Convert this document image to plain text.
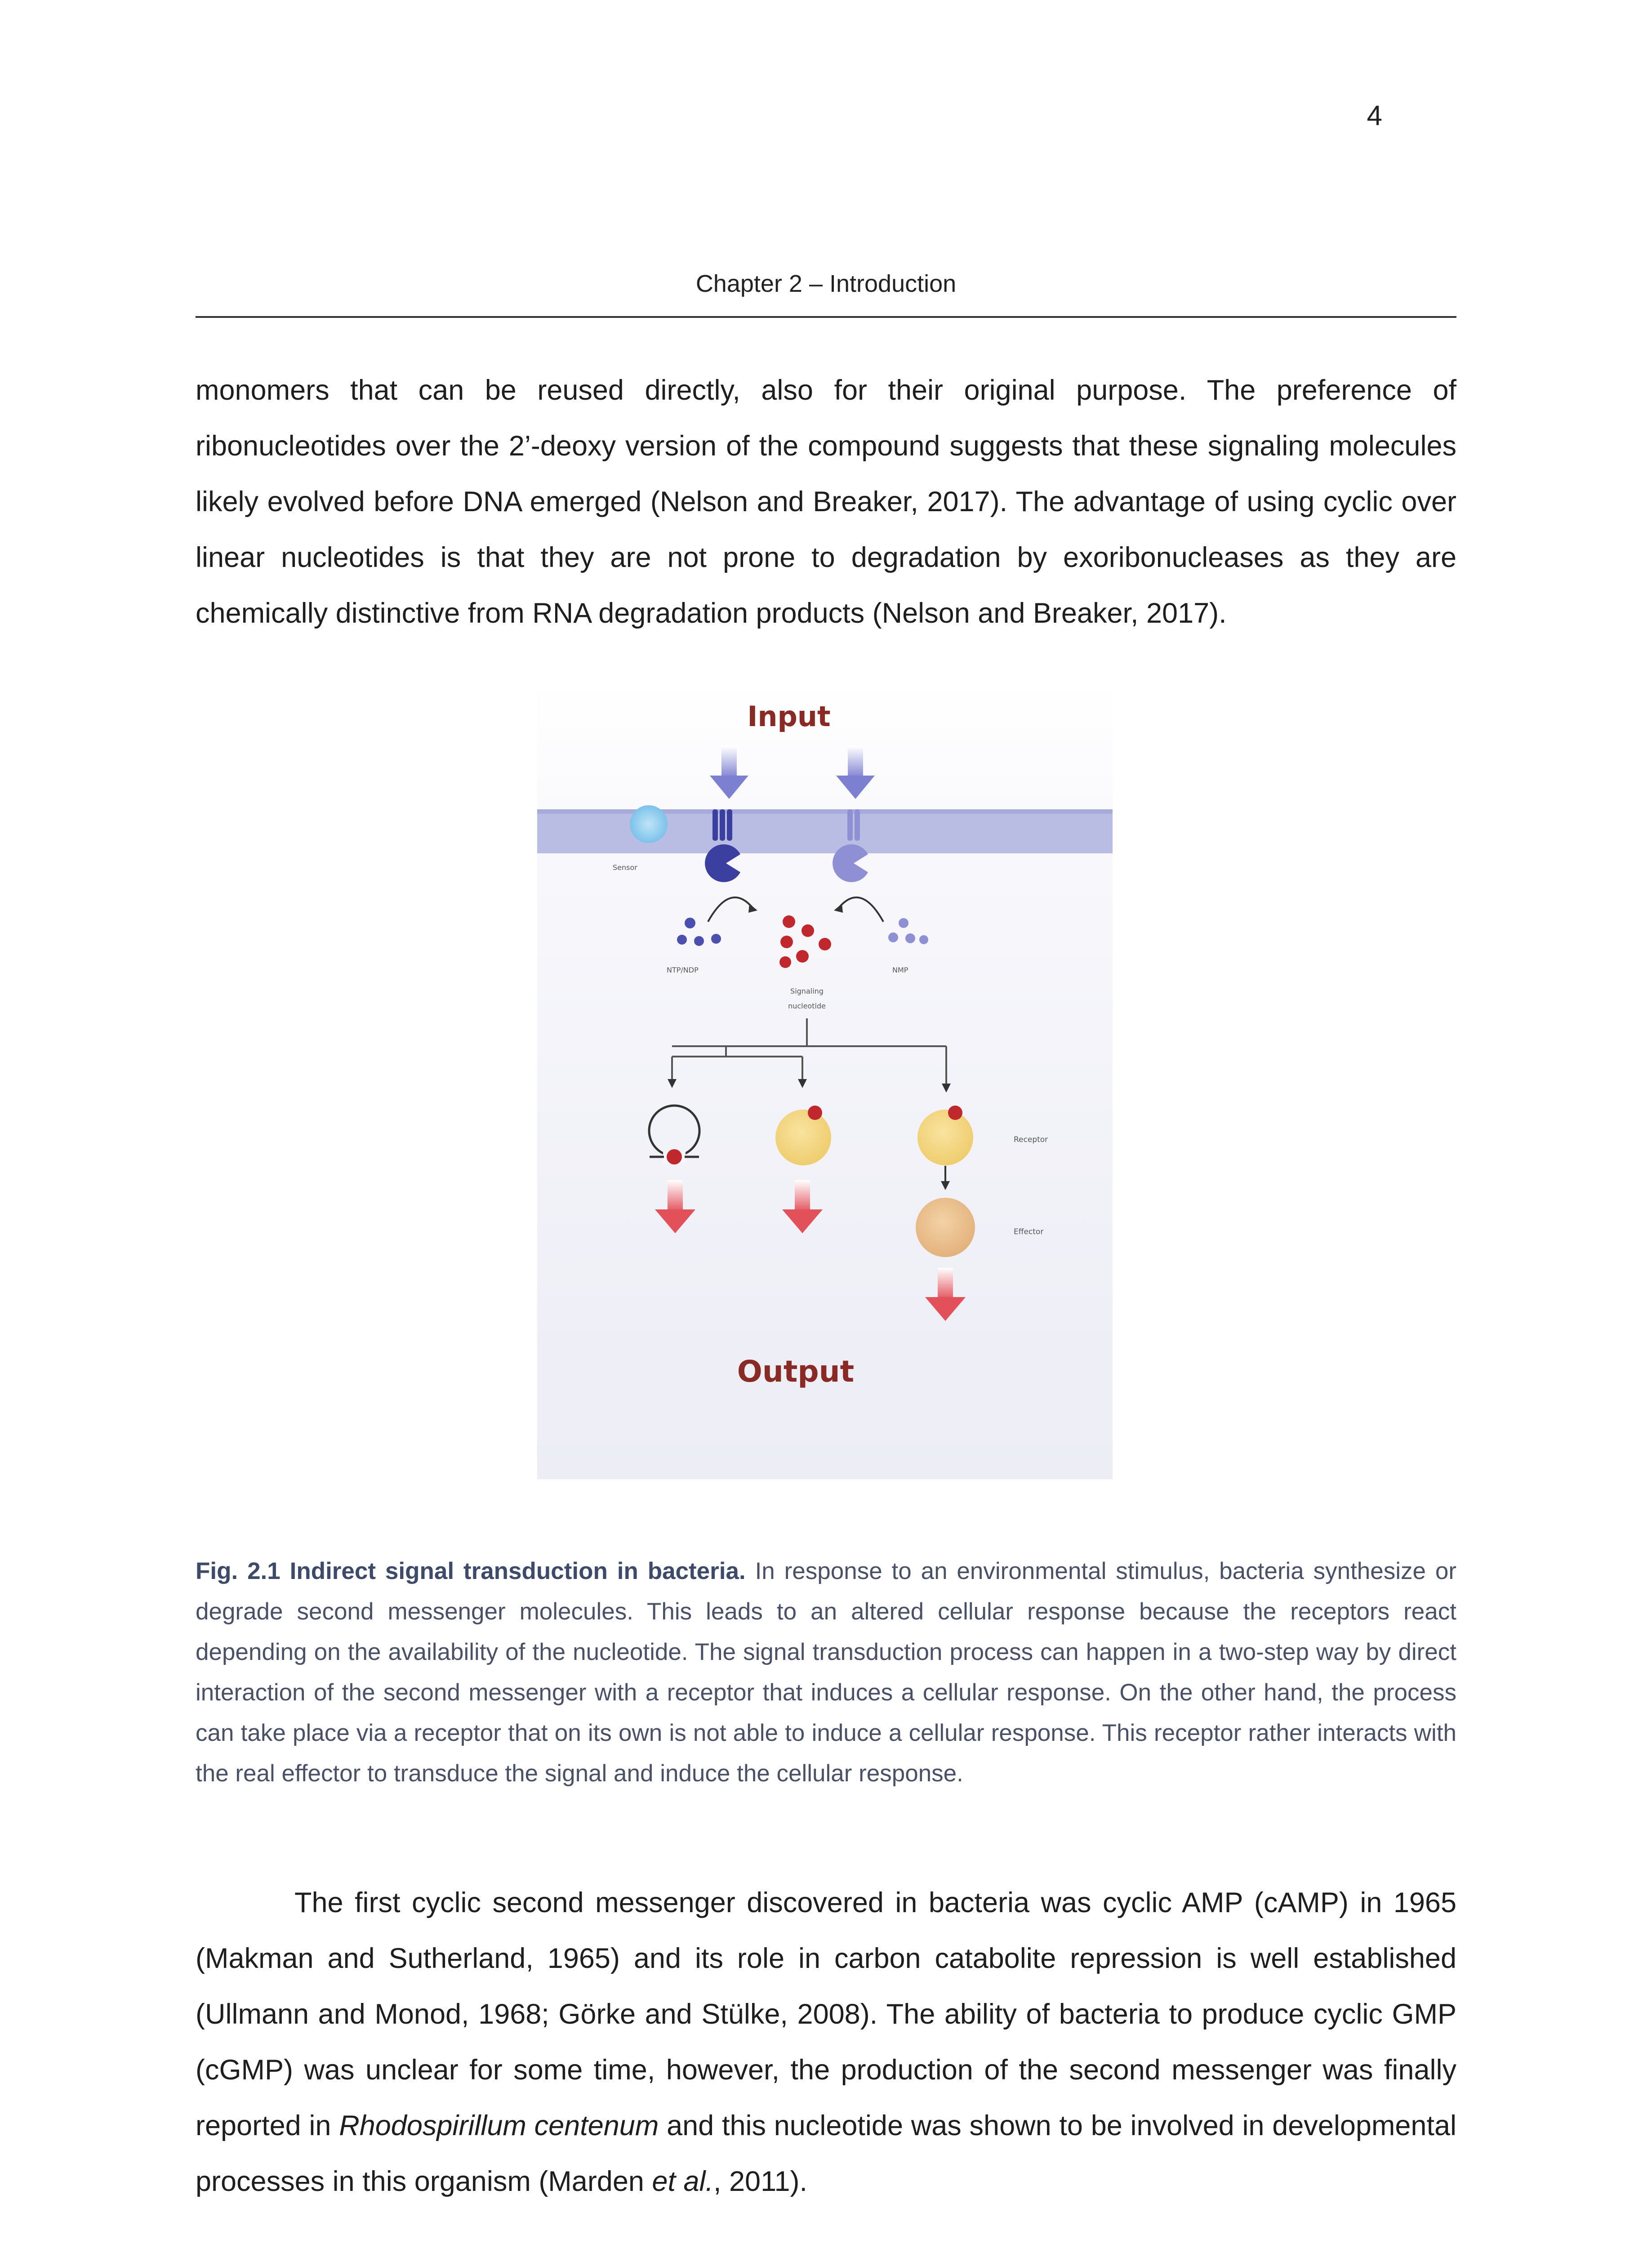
4
Chapter 2 – Introduction

monomers that can be reused directly, also for their original purpose. The preference of ribonucleotides over the 2’-deoxy version of the compound suggests that these signaling molecules likely evolved before DNA emerged (Nelson and Breaker, 2017). The advantage of using cyclic over linear nucleotides is that they are not prone to degradation by exoribonucleases as they are chemically distinctive from RNA degradation products (Nelson and Breaker, 2017).

Input
Sensor
NTP/NDP
Signaling
nucleotide
NMP
Receptor
Effector
Output

Fig. 2.1 Indirect signal transduction in bacteria. In response to an environmental stimulus, bacteria synthesize or degrade second messenger molecules. This leads to an altered cellular response because the receptors react depending on the availability of the nucleotide. The signal transduction process can happen in a two-step way by direct interaction of the second messenger with a receptor that induces a cellular response. On the other hand, the process can take place via a receptor that on its own is not able to induce a cellular response. This receptor rather interacts with the real effector to transduce the signal and induce the cellular response.

The first cyclic second messenger discovered in bacteria was cyclic AMP (cAMP) in 1965 (Makman and Sutherland, 1965) and its role in carbon catabolite repression is well established (Ullmann and Monod, 1968; Görke and Stülke, 2008). The ability of bacteria to produce cyclic GMP (cGMP) was unclear for some time, however, the production of the second messenger was finally reported in Rhodospirillum centenum and this nucleotide was shown to be involved in developmental processes in this organism (Marden et al., 2011).
